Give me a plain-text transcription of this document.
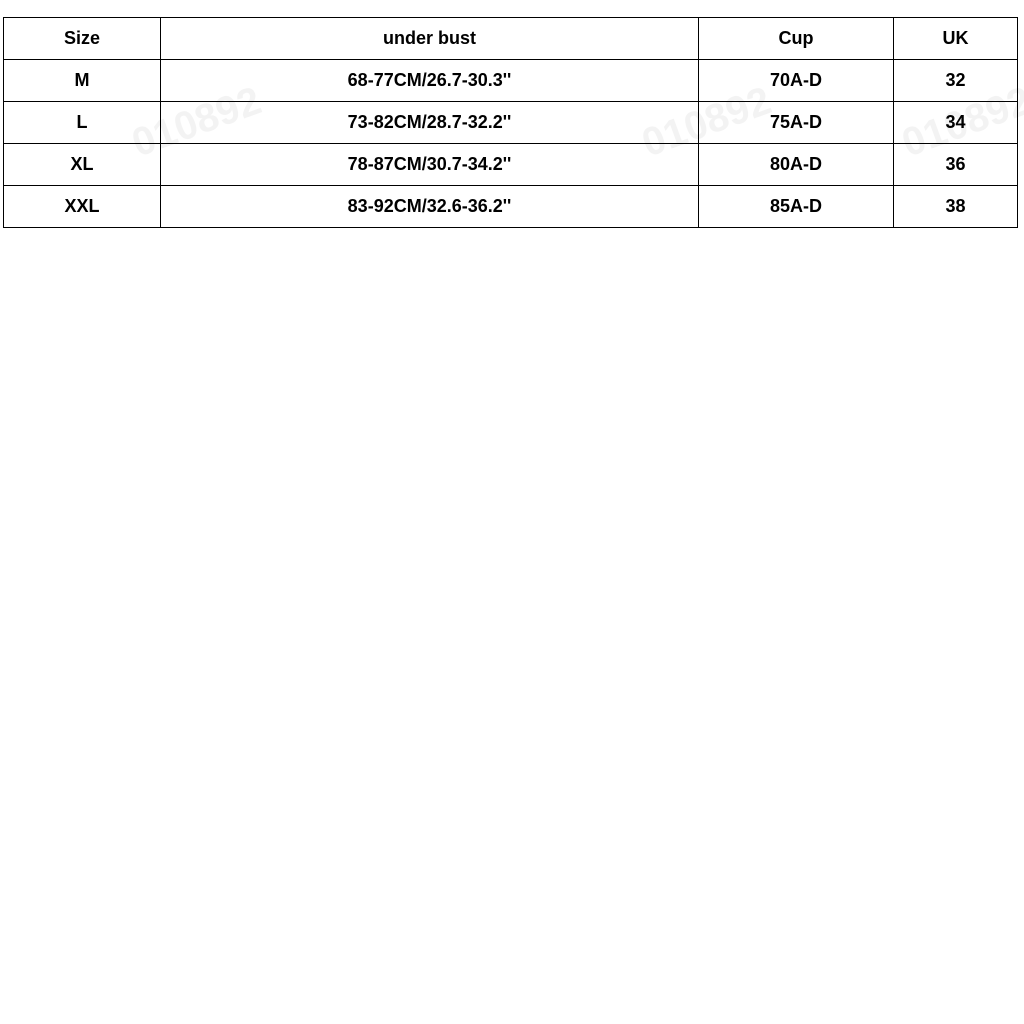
Size	under bust	Cup	UK
M	68-77CM/26.7-30.3''	70A-D	32
L	73-82CM/28.7-32.2''	75A-D	34
XL	78-87CM/30.7-34.2''	80A-D	36
XXL	83-92CM/32.6-36.2''	85A-D	38
